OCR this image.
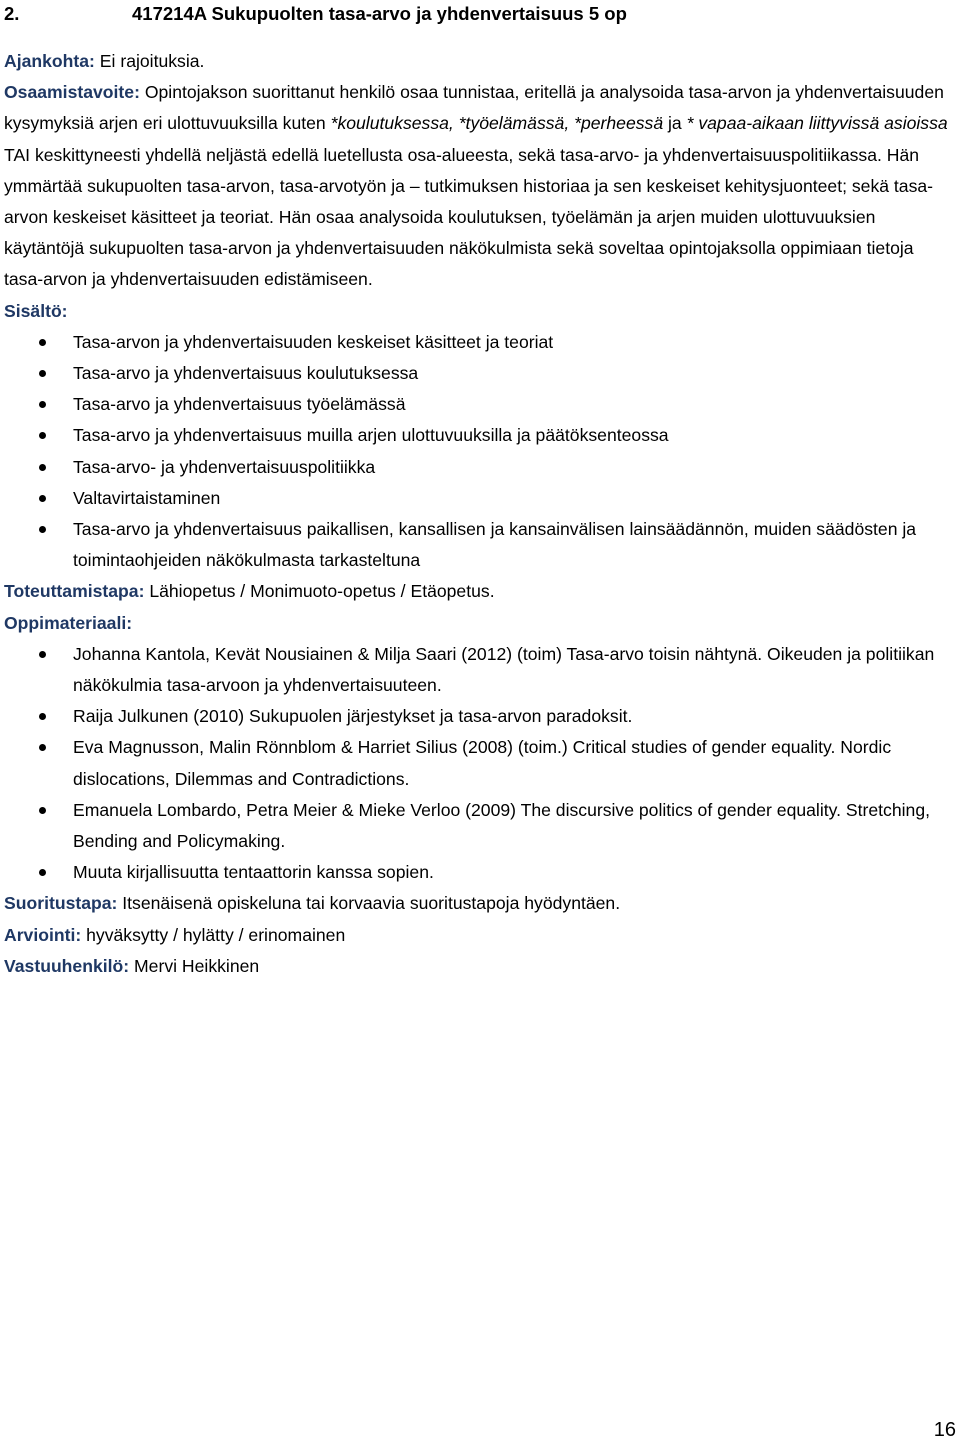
2.	417214A Sukupuolten tasa-arvo ja yhdenvertaisuus 5 op
Ajankohta: Ei rajoituksia.
Osaamistavoite: Opintojakson suorittanut henkilö osaa tunnistaa, eritellä ja analysoida tasa-arvon ja yhdenvertaisuuden kysymyksiä arjen eri ulottuvuuksilla kuten *koulutuksessa, *työelämässä, *perheessä ja * vapaa-aikaan liittyvissä asioissa TAI keskittyneesti yhdellä neljästä edellä luetellusta osa-alueesta, sekä tasa-arvo- ja yhdenvertaisuuspolitiikassa. Hän ymmärtää sukupuolten tasa-arvon, tasa-arvotyön ja – tutkimuksen historiaa ja sen keskeiset kehitysjuonteet; sekä tasa-arvon keskeiset käsitteet ja teoriat. Hän osaa analysoida koulutuksen, työelämän ja arjen muiden ulottuvuuksien käytäntöjä sukupuolten tasa-arvon ja yhdenvertaisuuden näkökulmista sekä soveltaa opintojaksolla oppimiaan tietoja tasa-arvon ja yhdenvertaisuuden edistämiseen.
Sisältö:
Tasa-arvon ja yhdenvertaisuuden keskeiset käsitteet ja teoriat
Tasa-arvo ja yhdenvertaisuus koulutuksessa
Tasa-arvo ja yhdenvertaisuus työelämässä
Tasa-arvo ja yhdenvertaisuus muilla arjen ulottuvuuksilla ja päätöksenteossa
Tasa-arvo- ja yhdenvertaisuuspolitiikka
Valtavirtaistaminen
Tasa-arvo ja yhdenvertaisuus paikallisen, kansallisen ja kansainvälisen lainsäädännön, muiden säädösten ja toimintaohjeiden näkökulmasta tarkasteltuna
Toteuttamistapa: Lähiopetus / Monimuoto-opetus / Etäopetus.
Oppimateriaali:
Johanna Kantola, Kevät Nousiainen & Milja Saari (2012) (toim) Tasa-arvo toisin nähtynä. Oikeuden ja politiikan näkökulmia tasa-arvoon ja yhdenvertaisuuteen.
Raija Julkunen (2010) Sukupuolen järjestykset ja tasa-arvon paradoksit.
Eva Magnusson, Malin Rönnblom & Harriet Silius (2008) (toim.) Critical studies of gender equality. Nordic dislocations, Dilemmas and Contradictions.
Emanuela Lombardo, Petra Meier & Mieke Verloo (2009) The discursive politics of gender equality. Stretching, Bending and Policymaking.
Muuta kirjallisuutta tentaattorin kanssa sopien.
Suoritustapa: Itsenäisenä opiskeluna tai korvaavia suoritustapoja hyödyntäen.
Arviointi: hyväksytty / hylätty / erinomainen
Vastuuhenkilö: Mervi Heikkinen
16
